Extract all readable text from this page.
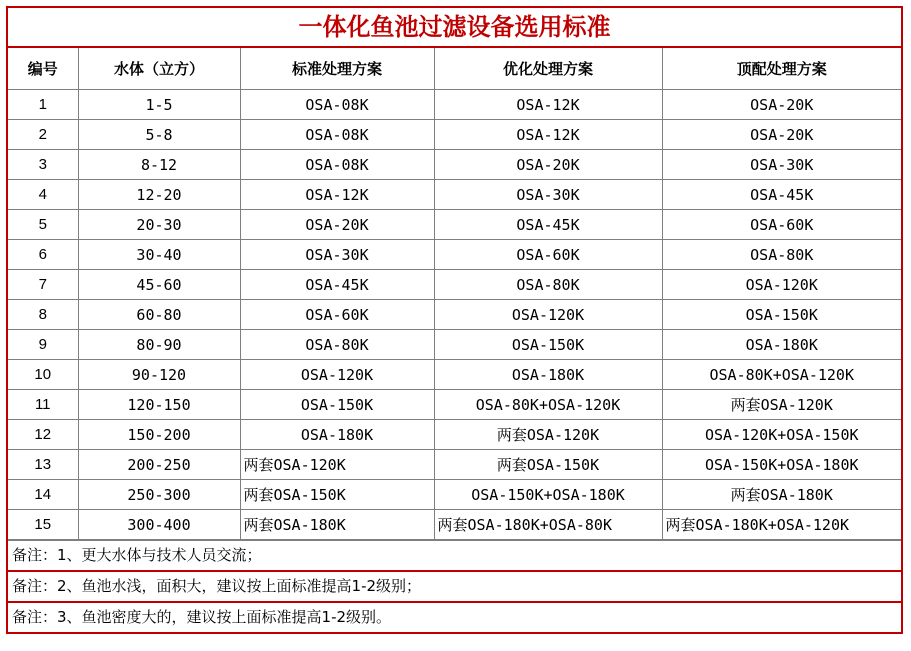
一体化鱼池过滤设备选用标准
编号	水体（立方）	标准处理方案	优化处理方案	顶配处理方案
1	1-5	OSA-08K	OSA-12K	OSA-20K
2	5-8	OSA-08K	OSA-12K	OSA-20K
3	8-12	OSA-08K	OSA-20K	OSA-30K
4	12-20	OSA-12K	OSA-30K	OSA-45K
5	20-30	OSA-20K	OSA-45K	OSA-60K
6	30-40	OSA-30K	OSA-60K	OSA-80K
7	45-60	OSA-45K	OSA-80K	OSA-120K
8	60-80	OSA-60K	OSA-120K	OSA-150K
9	80-90	OSA-80K	OSA-150K	OSA-180K
10	90-120	OSA-120K	OSA-180K	OSA-80K+OSA-120K
11	120-150	OSA-150K	OSA-80K+OSA-120K	两套OSA-120K
12	150-200	OSA-180K	两套OSA-120K	OSA-120K+OSA-150K
13	200-250	两套OSA-120K	两套OSA-150K	OSA-150K+OSA-180K
14	250-300	两套OSA-150K	OSA-150K+OSA-180K	两套OSA-180K
15	300-400	两套OSA-180K	两套OSA-180K+OSA-80K	两套OSA-180K+OSA-120K
备注：1、更大水体与技术人员交流；
备注：2、鱼池水浅，面积大，建议按上面标准提高1-2级别；
备注：3、鱼池密度大的，建议按上面标准提高1-2级别。
